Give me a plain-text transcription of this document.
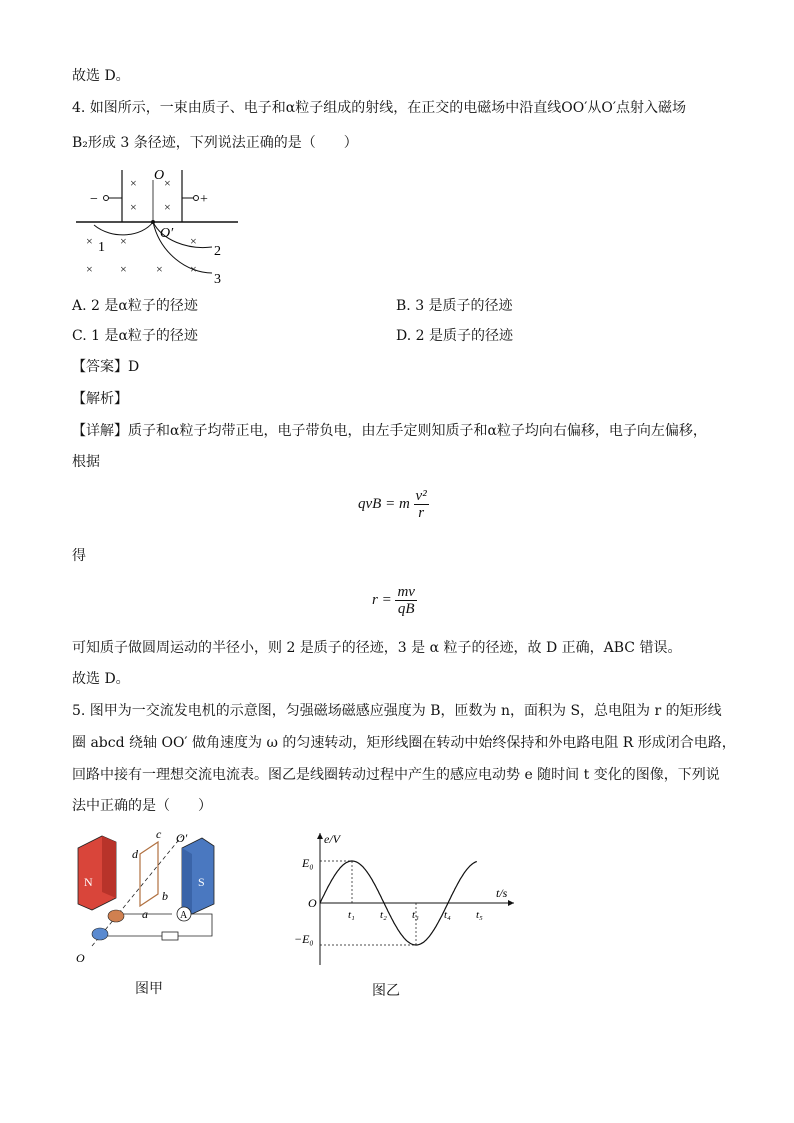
故选 D。
4. 如图所示，一束由质子、电子和α粒子组成的射线，在正交的电磁场中沿直线OO′从O′点射入磁场
B₂形成 3 条径迹，下列说法正确的是（　　）
−	+
× ×
× ×
O
O′
× ×	×
× × × ×
1	2
3
A. 2 是α粒子的径迹	B. 3 是质子的径迹
C. 1 是α粒子的径迹	D. 2 是质子的径迹
【答案】D
【解析】
【详解】质子和α粒子均带正电，电子带负电，由左手定则知质子和α粒子均向右偏移，电子向左偏移，
根据
qvB = m $\frac{\text{v²}}{r}$
得
$r = \frac{mv}{qB}$
可知质子做圆周运动的半径小，则 2 是质子的径迹，3 是 α 粒子的径迹，故 D 正确，ABC 错误。
故选 D。
5. 图甲为一交流发电机的示意图，匀强磁场磁感应强度为 B，匝数为 n，面积为 S，总电阻为 r 的矩形线
圈 abcd 绕轴 OO′ 做角速度为 ω 的匀速转动，矩形线圈在转动中始终保持和外电路电阻 R 形成闭合电路，
回路中接有一理想交流电流表。图乙是线圈转动过程中产生的感应电动势 e 随时间 t 变化的图像，下列说
法中正确的是（　　）
N	S
d
c
b
a
O′
A
O
图甲
e/V
t/s
O
E₀
−E₀
t₁ t₂ t₃ t₄ t₅
图乙
